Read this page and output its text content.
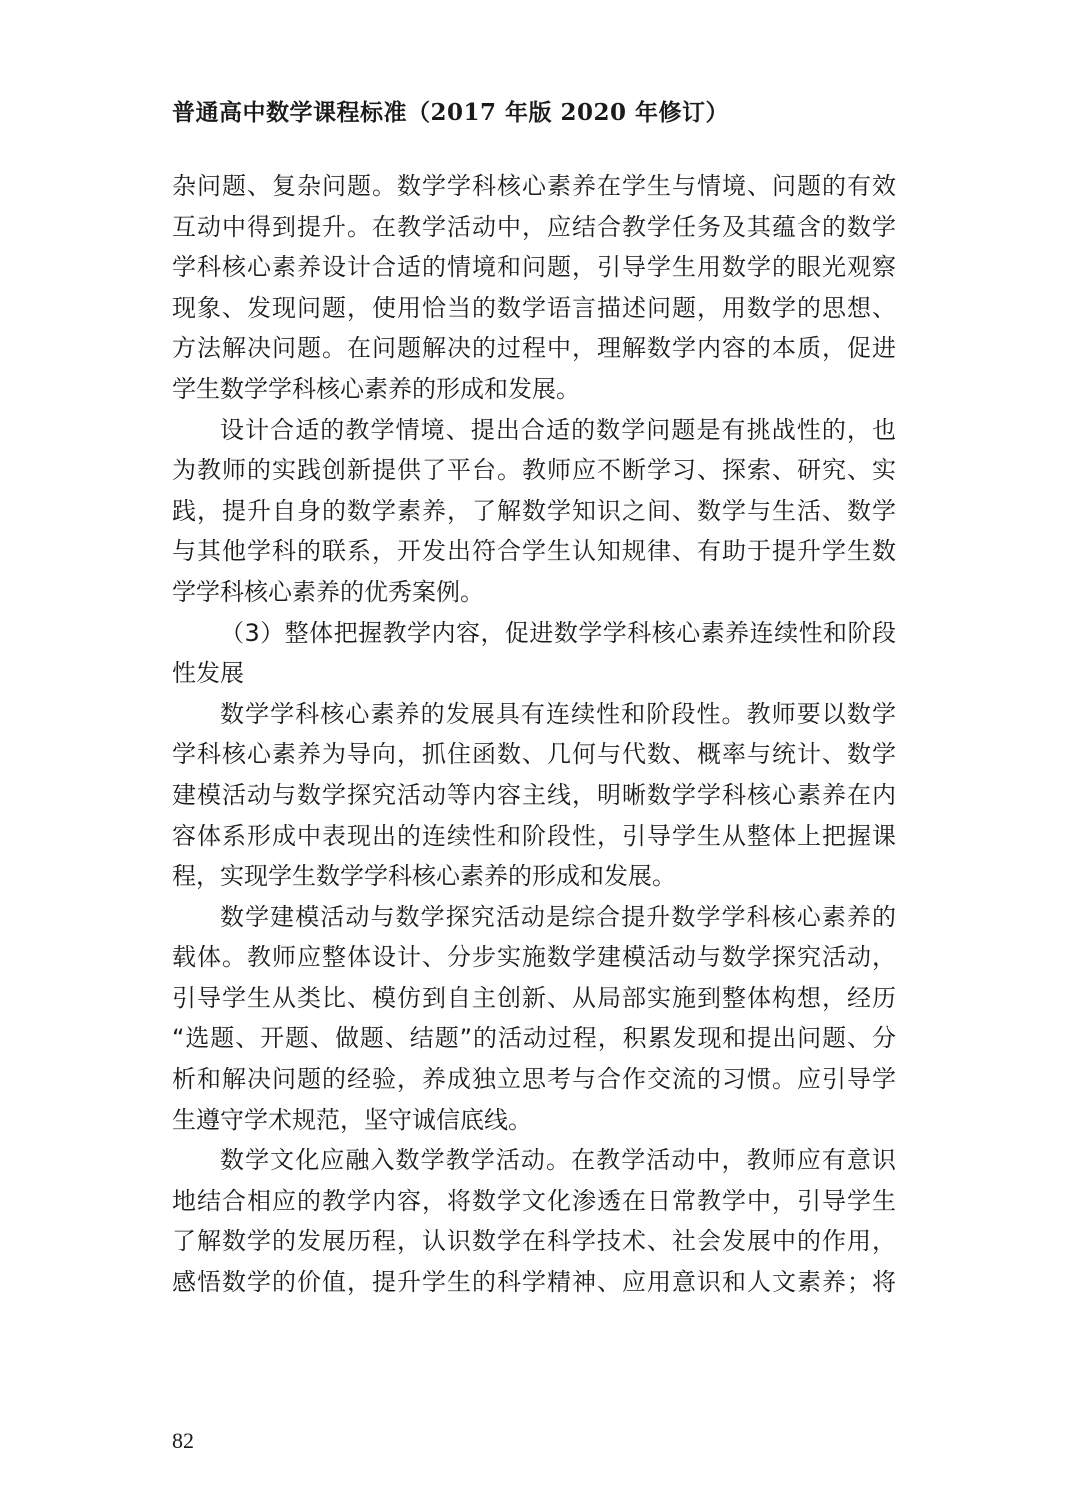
普通高中数学课程标准（2017 年版 2020 年修订）
杂问题、复杂问题。数学学科核心素养在学生与情境、问题的有效
互动中得到提升。在教学活动中，应结合教学任务及其蕴含的数学
学科核心素养设计合适的情境和问题，引导学生用数学的眼光观察
现象、发现问题，使用恰当的数学语言描述问题，用数学的思想、
方法解决问题。在问题解决的过程中，理解数学内容的本质，促进
学生数学学科核心素养的形成和发展。
设计合适的教学情境、提出合适的数学问题是有挑战性的，也
为教师的实践创新提供了平台。教师应不断学习、探索、研究、实
践，提升自身的数学素养，了解数学知识之间、数学与生活、数学
与其他学科的联系，开发出符合学生认知规律、有助于提升学生数
学学科核心素养的优秀案例。
（3）整体把握教学内容，促进数学学科核心素养连续性和阶段
性发展
数学学科核心素养的发展具有连续性和阶段性。教师要以数学
学科核心素养为导向，抓住函数、几何与代数、概率与统计、数学
建模活动与数学探究活动等内容主线，明晰数学学科核心素养在内
容体系形成中表现出的连续性和阶段性，引导学生从整体上把握课
程，实现学生数学学科核心素养的形成和发展。
数学建模活动与数学探究活动是综合提升数学学科核心素养的
载体。教师应整体设计、分步实施数学建模活动与数学探究活动，
引导学生从类比、模仿到自主创新、从局部实施到整体构想，经历
“选题、开题、做题、结题”的活动过程，积累发现和提出问题、分
析和解决问题的经验，养成独立思考与合作交流的习惯。应引导学
生遵守学术规范，坚守诚信底线。
数学文化应融入数学教学活动。在教学活动中，教师应有意识
地结合相应的教学内容，将数学文化渗透在日常教学中，引导学生
了解数学的发展历程，认识数学在科学技术、社会发展中的作用，
感悟数学的价值，提升学生的科学精神、应用意识和人文素养；将
82
